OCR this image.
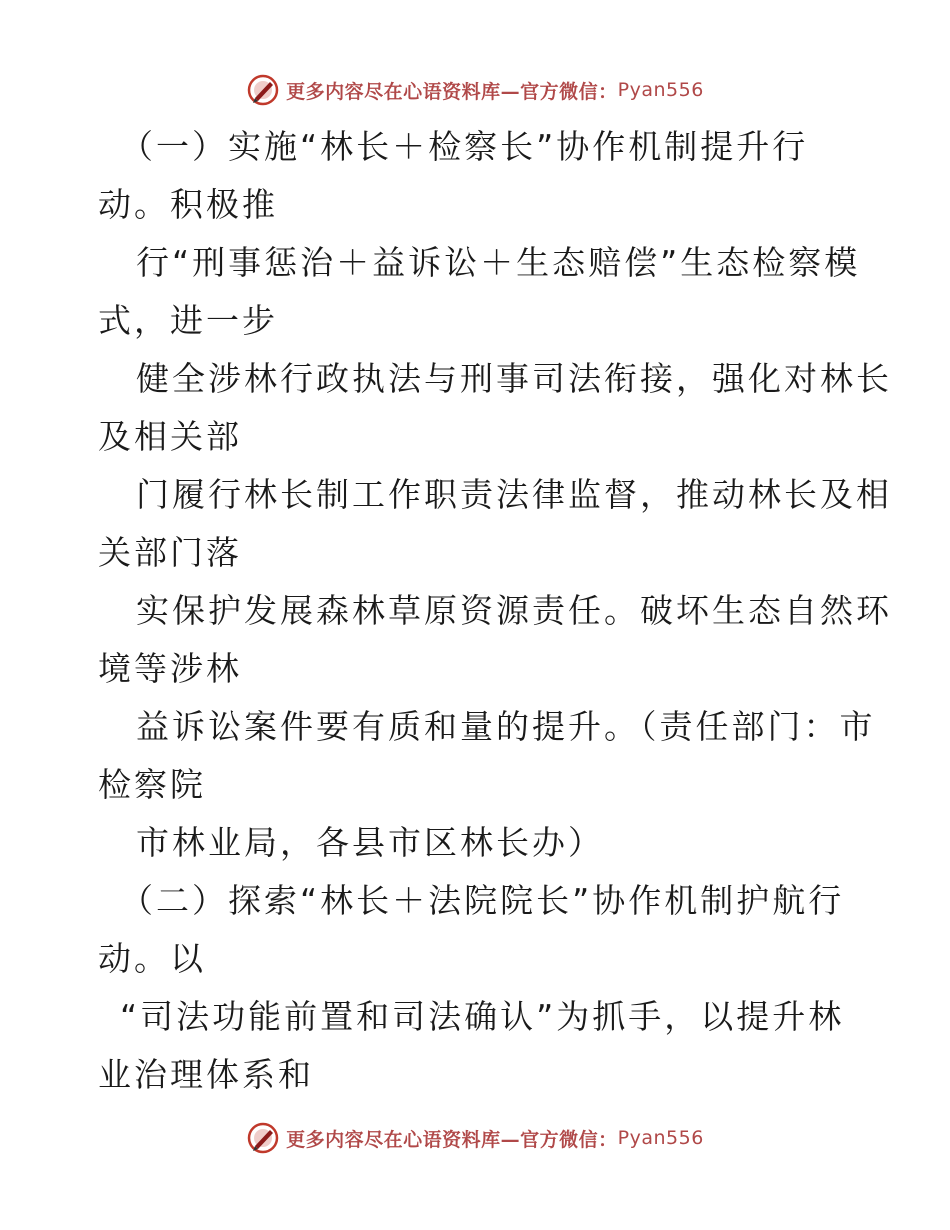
更多内容尽在心语资料库—官方微信： Pyan556
（一）实施“林长＋检察长”协作机制提升行
动。积极推
行“刑事惩治＋益诉讼＋生态赔偿”生态检察模
式，进一步
健全涉林行政执法与刑事司法衔接，强化对林长
及相关部
门履行林长制工作职责法律监督，推动林长及相
关部门落
实保护发展森林草原资源责任。破坏生态自然环
境等涉林
益诉讼案件要有质和量的提升。（责任部门：市
检察院
市林业局，各县市区林长办）
（二）探索“林长＋法院院长”协作机制护航行
动。以
“司法功能前置和司法确认”为抓手，以提升林
业治理体系和
更多内容尽在心语资料库—官方微信： Pyan556
